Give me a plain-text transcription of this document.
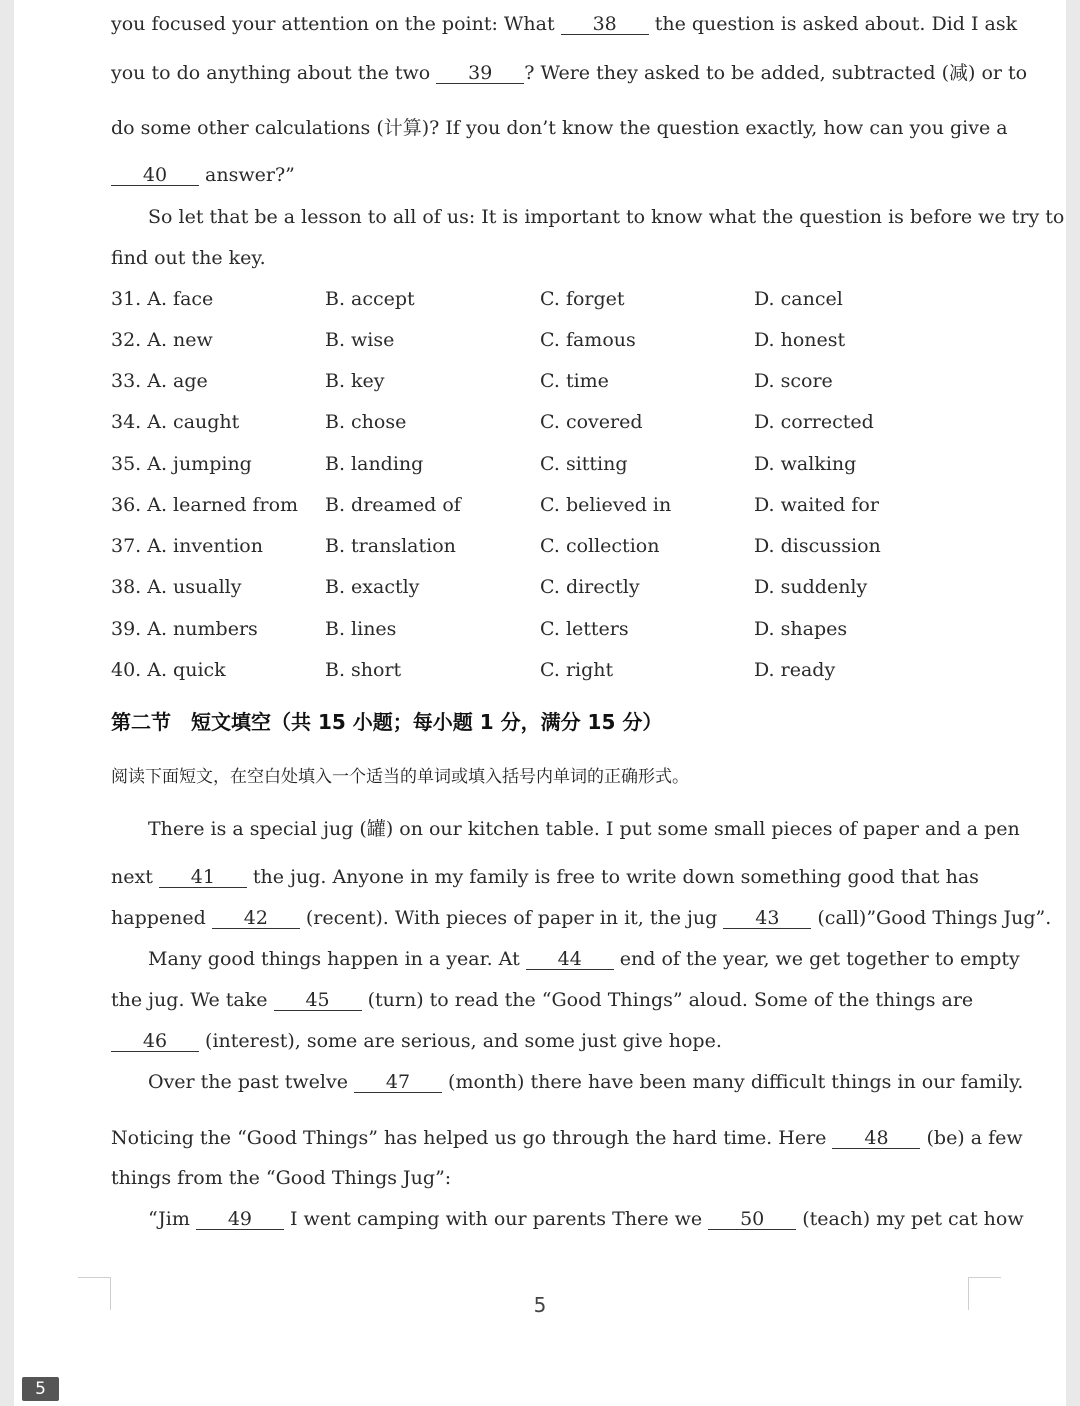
you focused your attention on the point: What 38 the question is asked about. Did I ask
you to do anything about the two 39 ? Were they asked to be added, subtracted (减) or to
do some other calculations (计算)? If you don’t know the question exactly, how can you give a
40 answer?”
So let that be a lesson to all of us: It is important to know what the question is before we try to
find out the key.
31. A. face	B. accept	C. forget	D. cancel
32. A. new	B. wise	C. famous	D. honest
33. A. age	B. key	C. time	D. score
34. A. caught	B. chose	C. covered	D. corrected
35. A. jumping	B. landing	C. sitting	D. walking
36. A. learned from B. dreamed of	C. believed in	D. waited for
37. A. invention	B. translation	C. collection	D. discussion
38. A. usually	B. exactly	C. directly	D. suddenly
39. A. numbers	B. lines	C. letters	D. shapes
40. A. quick	B. short	C. right	D. ready
第二节　短文填空（共 15 小题；每小题 1 分，满分 15 分）
阅读下面短文，在空白处填入一个适当的单词或填入括号内单词的正确形式。
There is a special jug (罐) on our kitchen table. I put some small pieces of paper and a pen
next 41 the jug. Anyone in my family is free to write down something good that has
happened 42 (recent). With pieces of paper in it, the jug 43 (call)”Good Things Jug”.
Many good things happen in a year. At 44 end of the year, we get together to empty
the jug. We take 45 (turn) to read the “Good Things” aloud. Some of the things are
46 (interest), some are serious, and some just give hope.
Over the past twelve 47 (month) there have been many difficult things in our family.
Noticing the “Good Things” has helped us go through the hard time. Here 48 (be) a few
things from the “Good Things Jug”:
“Jim 49 I went camping with our parents There we 50 (teach) my pet cat how
5
5
